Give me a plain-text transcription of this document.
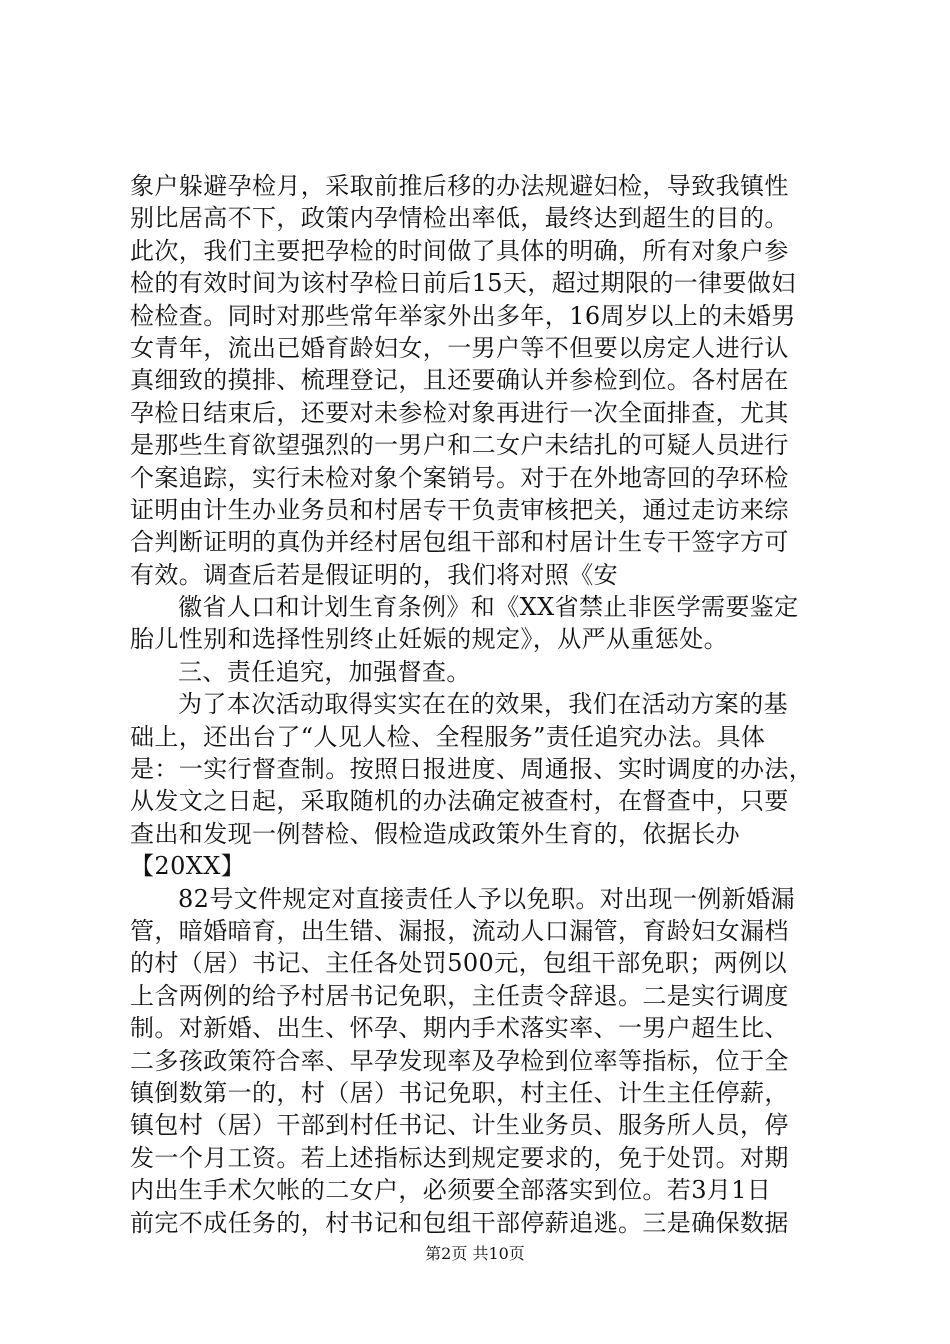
象户躲避孕检月，采取前推后移的办法规避妇检，导致我镇性
别比居高不下，政策内孕情检出率低，最终达到超生的目的。
此次，我们主要把孕检的时间做了具体的明确，所有对象户参
检的有效时间为该村孕检日前后15天，超过期限的一律要做妇
检检查。同时对那些常年举家外出多年，16周岁以上的未婚男
女青年，流出已婚育龄妇女，一男户等不但要以房定人进行认
真细致的摸排、梳理登记，且还要确认并参检到位。各村居在
孕检日结束后，还要对未参检对象再进行一次全面排查，尤其
是那些生育欲望强烈的一男户和二女户未结扎的可疑人员进行
个案追踪，实行未检对象个案销号。对于在外地寄回的孕环检
证明由计生办业务员和村居专干负责审核把关，通过走访来综
合判断证明的真伪并经村居包组干部和村居计生专干签字方可
有效。调查后若是假证明的，我们将对照《安
徽省人口和计划生育条例》和《XX省禁止非医学需要鉴定
胎儿性别和选择性别终止妊娠的规定》，从严从重惩处。
三、责任追究，加强督查。
为了本次活动取得实实在在的效果，我们在活动方案的基
础上，还出台了“人见人检、全程服务”责任追究办法。具体
是：一实行督查制。按照日报进度、周通报、实时调度的办法，
从发文之日起，采取随机的办法确定被查村，在督查中，只要
查出和发现一例替检、假检造成政策外生育的，依据长办
【20XX】
82号文件规定对直接责任人予以免职。对出现一例新婚漏
管，暗婚暗育，出生错、漏报，流动人口漏管，育龄妇女漏档
的村（居）书记、主任各处罚500元，包组干部免职；两例以
上含两例的给予村居书记免职，主任责令辞退。二是实行调度
制。对新婚、出生、怀孕、期内手术落实率、一男户超生比、
二多孩政策符合率、早孕发现率及孕检到位率等指标，位于全
镇倒数第一的，村（居）书记免职，村主任、计生主任停薪，
镇包村（居）干部到村任书记、计生业务员、服务所人员，停
发一个月工资。若上述指标达到规定要求的，免于处罚。对期
内出生手术欠帐的二女户，必须要全部落实到位。若3月1日
前完不成任务的，村书记和包组干部停薪追逃。三是确保数据
第2页 共10页
